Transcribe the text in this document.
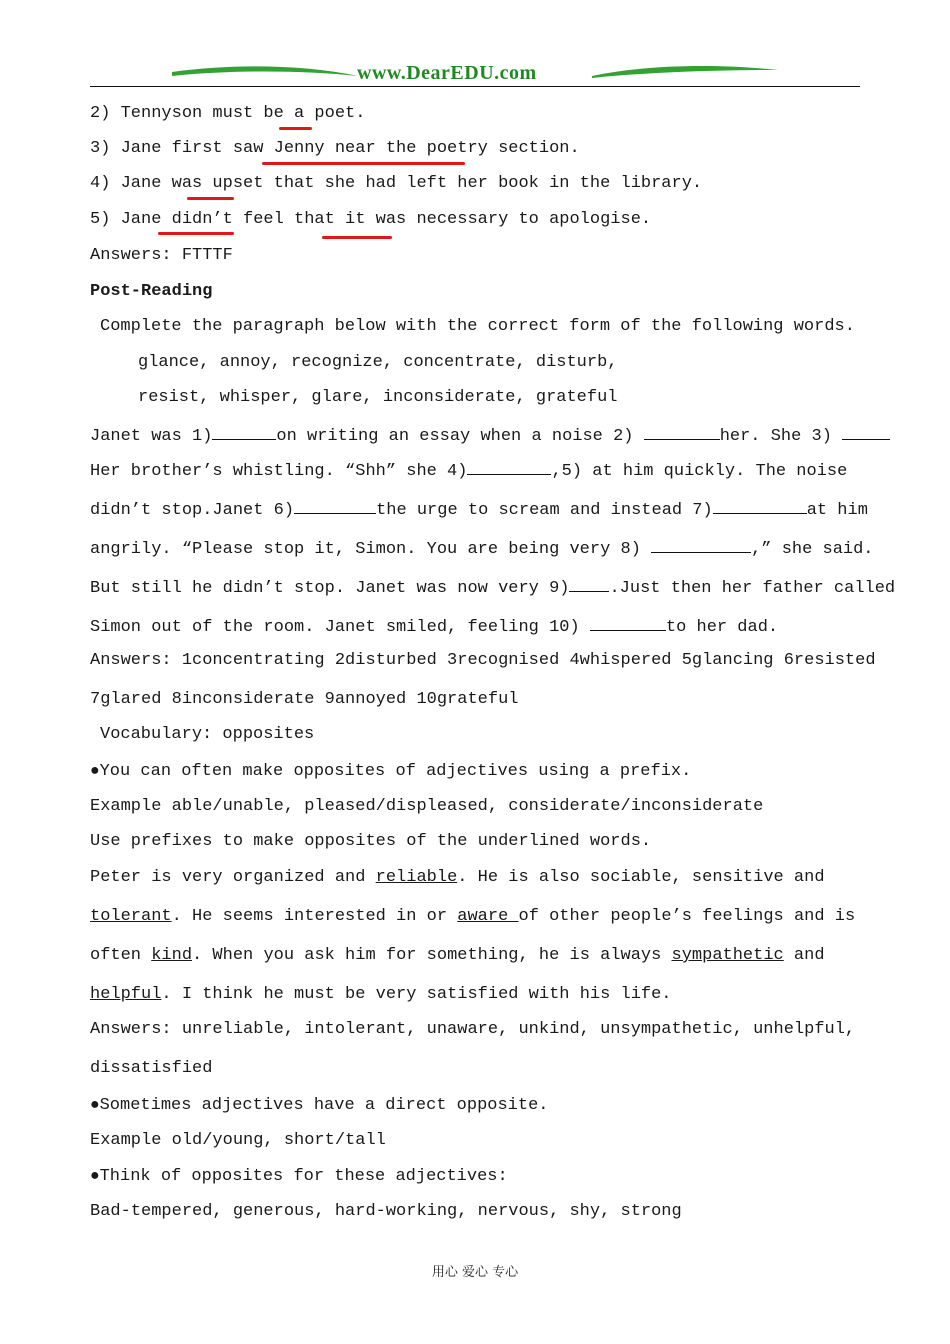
www.DearEDU.com
2) Tennyson must be a poet.
3) Jane first saw Jenny near the poetry section.
4) Jane was upset that she had left her book in the library.
5) Jane didn’t feel that it was necessary to apologise.
Answers: FTTTF
Post-Reading
Complete the paragraph below with the correct form of the following words.
glance, annoy, recognize, concentrate, disturb,
resist, whisper, glare, inconsiderate, grateful
Janet was 1)	on writing an essay when a noise 2)	her. She 3)
Her brother’s whistling. “Shh” she 4)	,5) at him quickly. The noise
didn’t stop.Janet 6)	the urge to scream and instead 7)	at him
angrily. “Please stop it, Simon. You are being very 8)	,” she said.
But still he didn’t stop. Janet was now very 9) .Just then her father called
Simon out of the room. Janet smiled, feeling 10)	to her dad.
Answers: 1concentrating 2disturbed 3recognised 4whispered 5glancing 6resisted
7glared 8inconsiderate 9annoyed 10grateful
Vocabulary: opposites
●You can often make opposites of adjectives using a prefix.
Example able/unable, pleased/displeased, considerate/inconsiderate
Use prefixes to make opposites of the underlined words.
Peter is very organized and reliable. He is also sociable, sensitive and
tolerant. He seems interested in or aware of other people’s feelings and is
often kind. When you ask him for something, he is always sympathetic and
helpful. I think he must be very satisfied with his life.
Answers: unreliable, intolerant, unaware, unkind, unsympathetic, unhelpful,
dissatisfied
●Sometimes adjectives have a direct opposite.
Example old/young, short/tall
●Think of opposites for these adjectives:
Bad-tempered, generous, hard-working, nervous, shy, strong
用心 爱心 专心
